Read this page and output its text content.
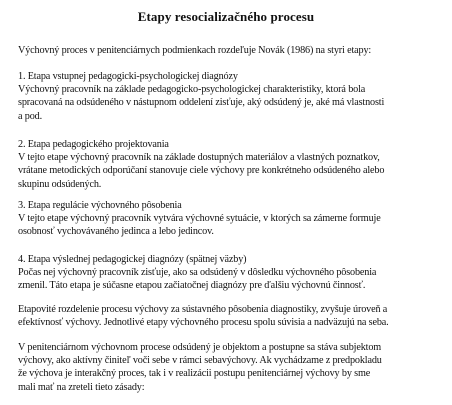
Etapy resocializačného procesu
Výchovný proces v penitenciárnych podmienkach rozdeľuje Novák (1986) na styri etapy:
1. Etapa vstupnej pedagogicki-psychologickej diagnózy
Výchovný pracovník na základe pedagogicko-psychologickej charakteristiky, ktorá bola
spracovaná na odsúdeného v nástupnom oddelení zisťuje, aký odsúdený je, aké má vlastnosti
a pod.
2. Etapa pedagogického projektovania
V tejto etape výchovný pracovník na základe dostupných materiálov a vlastných poznatkov,
vrátane metodických odporúčaní stanovuje ciele výchovy pre konkrétneho odsúdeného alebo
skupinu odsúdených.
3. Etapa regulácie výchovného pôsobenia
V tejto etape výchovný pracovník vytvára výchovné sytuácie, v ktorých sa zámerne formuje
osobnosť vychovávaného jedinca a lebo jedincov.
4. Etapa výslednej pedagogickej diagnózy (spätnej väzby)
Počas nej výchovný pracovník zisťuje, ako sa odsúdený v dôsledku výchovného pôsobenia
zmenil. Táto etapa je súčasne etapou začiatočnej diagnózy pre ďalšiu výchovnú činnosť.
Etapovité rozdelenie procesu výchovy za sústavného pôsobenia diagnostiky, zvyšuje úroveň a
efektívnosť výchovy. Jednotlivé etapy výchovného procesu spolu súvisia a nadväzujú na seba.
V penitenciárnom výchovnom procese odsúdený je objektom a postupne sa stáva subjektom
výchovy, ako aktívny činiteľ voči sebe v rámci sebavýchovy. Ak vychádzame z predpokladu
že výchova je interakčný proces, tak i v realizácii postupu penitenciárnej výchovy by sme
mali mať na zreteli tieto zásady:
